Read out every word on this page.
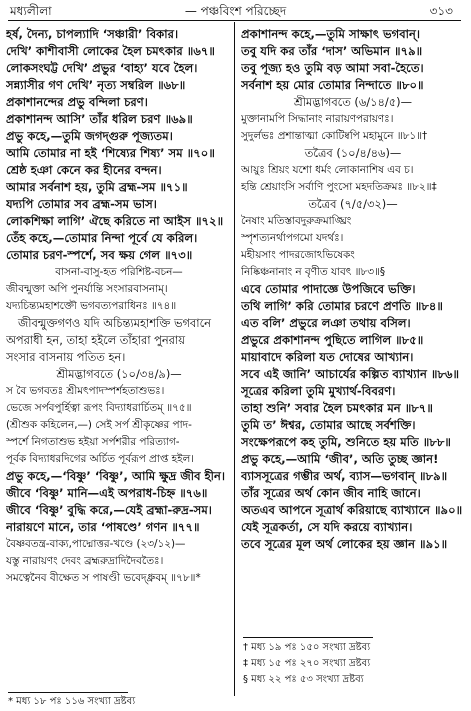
মধ্যলীলা	— পঞ্চবিংশ পরিচ্ছেদ	৩১৩
হর্ষ, দৈন্য, চাপল্যাদি ‘সঞ্চারী’ বিকার।
দেখি’ কাশীবাসী লোকের হৈল চমৎকার ॥৬৭॥
লোকসংঘট্ট দেখি’ প্রভুর ‘বাহ্য’ যবে হৈল।
সন্ন্যাসীর গণ দেখি’ নৃত্য সম্বরিল ॥৬৮॥
প্রকাশানন্দের প্রভু বন্দিলা চরণ।
প্রকাশানন্দ আসি’ তাঁর ধরিল চরণ ॥৬৯॥
প্রভু কহে,—তুমি জগদ্গুরু পূজ্যতম।
আমি তোমার না হই ‘শিষ্যের শিষ্য’ সম ॥৭০॥
শ্রেষ্ঠ হঞা কেনে কর হীনের বন্দন।
আমার সর্বনাশ হয়, তুমি ব্রহ্ম-সম ॥৭১॥
যদ্যপি তোমার সব ব্রহ্ম-সম ভাস।
লোকশিক্ষা লাগি’ ঐছে করিতে না আইস ॥৭২॥
তেঁহ কহে,—তোমার নিন্দা পূর্বে যে করিল।
তোমার চরণ-স্পর্শে, সব ক্ষয় গেল ॥৭৩॥
বাসনা-বাসু-হত পরিশিষ্ট-বচন—
জীবন্মুক্তা অপি পুনর্যান্তি সংসারবাসনাম্।
যদ্যচিন্ত্যমহাশক্তৌ ভগবত্যপরাধিনঃ ॥৭৪॥
জীবন্মুক্তগণও যদি অচিন্ত্যমহাশক্তি ভগবানে
অপরাধী হন, তাহা হইলে তাঁহারা পুনরায়
সংসার বাসনায় পতিত হন।
শ্রীমদ্ভাগবতে (১০/৩৪/৯)—
স বৈ ভগবতঃ শ্রীমৎপাদস্পর্শহতাশুভঃ।
ভেজে সর্পবপুর্হিত্বা রূপং বিদ্যাধরার্চিতম্ ॥৭৫॥
(শ্রীশুক কহিলেন,—) সেই সর্প শ্রীকৃষ্ণের পাদ-
স্পর্শে নিগতাশুভ হইয়া সর্পশরীর পরিত্যাগ-
পূর্বক বিদ্যাধরদিগের অর্চিত পূর্বরূপ প্রাপ্ত হইল।
প্রভু কহে,—‘বিষ্ণু’ ‘বিষ্ণু’, আমি ক্ষুদ্র জীব হীন।
জীবে ‘বিষ্ণু’ মানি—এই অপরাধ-চিহ্ন ॥৭৬॥
জীবে ‘বিষ্ণু’ বুদ্ধি করে,—যেই ব্রহ্মা-রুদ্র-সম।
নারায়ণে মানে, তার ‘পাষণ্ডে’ গণন ॥৭৭॥
বৈষ্ণবতন্ত্র-বাক্য,পাদ্মোত্তর-খণ্ডে (২৩/১২)—
যস্তু নারায়ণং দেবং ব্রহ্মরুদ্রাদিদৈবতৈঃ।
সমত্বেনৈব বীক্ষেত স পাষণ্ডী ভবেদ্ধ্রুবম্ ॥৭৮॥*
প্রকাশানন্দ কহে,—তুমি সাক্ষাৎ ভগবান্।
তবু যদি কর তাঁর ‘দাস’ অভিমান ॥৭৯॥
তবু পূজ্য হও তুমি বড় আমা সবা-হৈতে।
সর্বনাশ হয় মোর তোমার নিন্দাতে ॥৮০॥
শ্রীমদ্ভাগবতে (৬/১৪/৫)—
মুক্তানামপি সিদ্ধানাং নারায়ণপরায়ণঃ।
সুদুর্লভঃ প্রশান্তাত্মা কোটিষ্বপি মহামুনে ॥৮১॥†
তত্রৈব (১০/৪/৪৬)—
আয়ুঃ শ্রিয়ং যশো ধর্মং লোকানাশিষ এব চ।
হন্তি শ্রেয়াংসি সর্বাণি পুংসো মহদতিক্রমঃ ॥৮২॥‡
তত্রৈব (৭/৫/৩২)—
নৈষাং মতিস্তাবদুরুক্রমাঙ্ঘ্রিং
স্পৃশত্যনর্থাপগমো যদর্থঃ।
মহীয়সাং পাদরজোঽভিষেকং
নিষ্কিঞ্চনানাং ন বৃণীত যাবৎ ॥৮৩॥§
এবে তোমার পাদাজ্ঞে উপজিবে ভক্তি।
তথি লাগি’ করি তোমার চরণে প্রণতি ॥৮৪॥
এত বলি’ প্রভুরে লঞা তথায় বসিল।
প্রভুরে প্রকাশানন্দ পুছিতে লাগিল ॥৮৫॥
মায়াবাদে করিলা যত দোষের আখ্যান।
সবে এই জানি’ আচার্যের কল্পিত ব্যাখ্যান ॥৮৬॥
সূত্রের করিলা তুমি মুখ্যার্থ-বিবরণ।
তাহা শুনি’ সবার হৈল চমৎকার মন ॥৮৭॥
তুমি ত’ ঈশ্বর, তোমার আছে সর্বশক্তি।
সংক্ষেপরূপে কহ তুমি, শুনিতে হয় মতি ॥৮৮॥
প্রভু কহে,—আমি ‘জীব’, অতি তুচ্ছ জ্ঞান!
ব্যাসসূত্রের গম্ভীর অর্থ, ব্যাস—ভগবান্ ॥৮৯॥
তাঁর সূত্রের অর্থ কোন জীব নাহি জানে।
অতএব আপনে সূত্রার্থ করিয়াছে ব্যাখ্যানে ॥৯০॥
যেই সূত্রকর্তা, সে যদি করয়ে ব্যাখ্যান।
তবে সূত্রের মূল অর্থ লোকের হয় জ্ঞান ॥৯১॥
* মধ্য ১৮ পঃ ১১৬ সংখ্যা দ্রষ্টব্য
† মধ্য ১৯ পঃ ১৫০ সংখ্যা দ্রষ্টব্য
‡ মধ্য ১৫ পঃ ২৭০ সংখ্যা দ্রষ্টব্য
§ মধ্য ২২ পঃ ৫৩ সংখ্যা দ্রষ্টব্য
